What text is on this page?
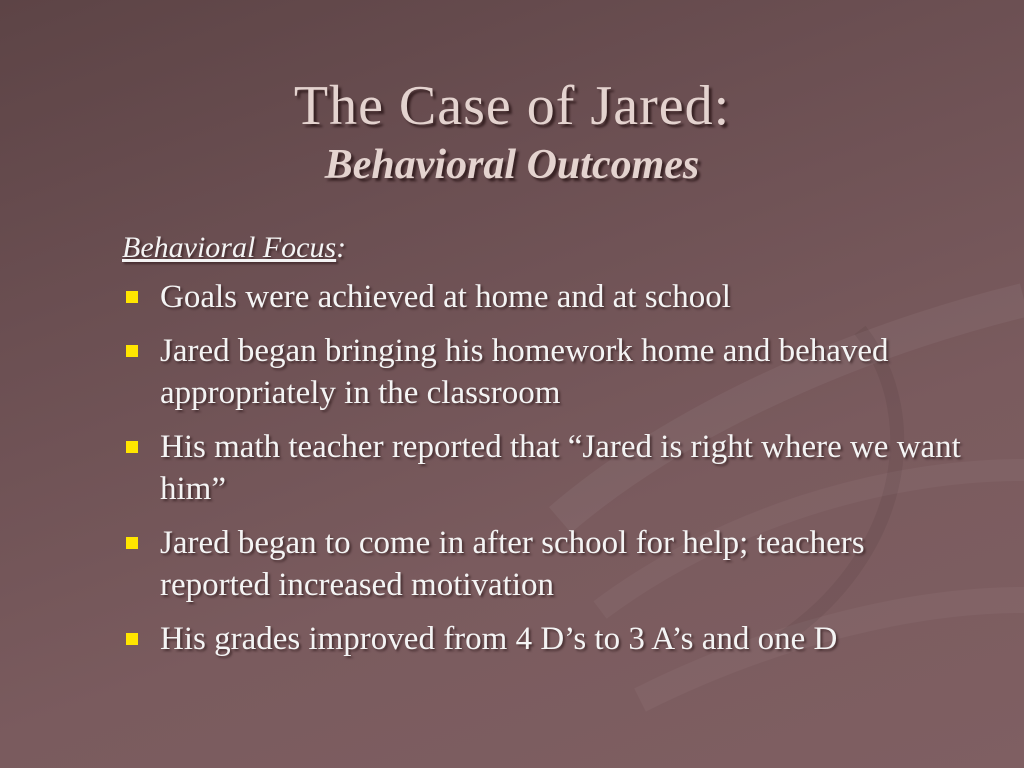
The Case of Jared:
Behavioral Outcomes
Behavioral Focus:
Goals were achieved at home and at school
Jared began bringing his homework home and behaved appropriately in the classroom
His math teacher reported that “Jared is right where we want him”
Jared began to come in after school for help; teachers reported increased motivation
His grades improved from 4 D’s to 3 A’s and one D
